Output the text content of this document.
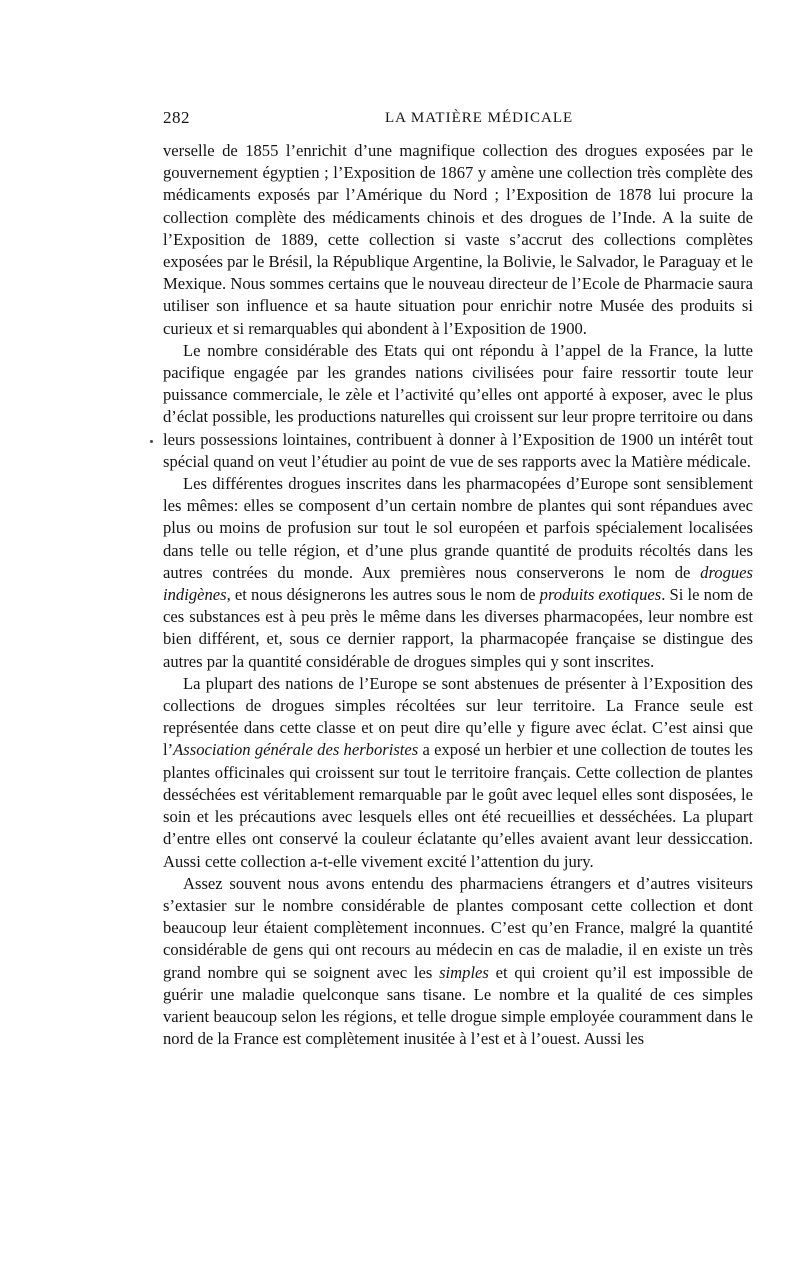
282	LA MATIÈRE MÉDICALE

verselle de 1855 l’enrichit d’une magnifique collection des drogues exposées par le gouvernement égyptien ; l’Exposition de 1867 y amène une collection très complète des médicaments exposés par l’Amérique du Nord ; l’Exposition de 1878 lui procure la collection complète des médicaments chinois et des drogues de l’Inde. A la suite de l’Exposition de 1889, cette collection si vaste s’accrut des collections complètes exposées par le Brésil, la République Argentine, la Bolivie, le Salvador, le Paraguay et le Mexique. Nous sommes certains que le nouveau directeur de l’Ecole de Pharmacie saura utiliser son influence et sa haute situation pour enrichir notre Musée des produits si curieux et si remarquables qui abondent à l’Exposition de 1900.

Le nombre considérable des Etats qui ont répondu à l’appel de la France, la lutte pacifique engagée par les grandes nations civilisées pour faire ressortir toute leur puissance commerciale, le zèle et l’activité qu’elles ont apporté à exposer, avec le plus d’éclat possible, les productions naturelles qui croissent sur leur propre territoire ou dans leurs possessions lointaines, contribuent à donner à l’Exposition de 1900 un intérêt tout spécial quand on veut l’étudier au point de vue de ses rapports avec la Matière médicale.

Les différentes drogues inscrites dans les pharmacopées d’Europe sont sensiblement les mêmes: elles se composent d’un certain nombre de plantes qui sont répandues avec plus ou moins de profusion sur tout le sol européen et parfois spécialement localisées dans telle ou telle région, et d’une plus grande quantité de produits récoltés dans les autres contrées du monde. Aux premières nous conserverons le nom de drogues indigènes, et nous désignerons les autres sous le nom de produits exotiques. Si le nom de ces substances est à peu près le même dans les diverses pharmacopées, leur nombre est bien différent, et, sous ce dernier rapport, la pharmacopée française se distingue des autres par la quantité considérable de drogues simples qui y sont inscrites.

La plupart des nations de l’Europe se sont abstenues de présenter à l’Exposition des collections de drogues simples récoltées sur leur territoire. La France seule est représentée dans cette classe et on peut dire qu’elle y figure avec éclat. C’est ainsi que l’Association générale des herboristes a exposé un herbier et une collection de toutes les plantes officinales qui croissent sur tout le territoire français. Cette collection de plantes desséchées est véritablement remarquable par le goût avec lequel elles sont disposées, le soin et les précautions avec lesquels elles ont été recueillies et desséchées. La plupart d’entre elles ont conservé la couleur éclatante qu’elles avaient avant leur dessiccation. Aussi cette collection a-t-elle vivement excité l’attention du jury.

Assez souvent nous avons entendu des pharmaciens étrangers et d’autres visiteurs s’extasier sur le nombre considérable de plantes composant cette collection et dont beaucoup leur étaient complètement inconnues. C’est qu’en France, malgré la quantité considérable de gens qui ont recours au médecin en cas de maladie, il en existe un très grand nombre qui se soignent avec les simples et qui croient qu’il est impossible de guérir une maladie quelconque sans tisane. Le nombre et la qualité de ces simples varient beaucoup selon les régions, et telle drogue simple employée couramment dans le nord de la France est complètement inusitée à l’est et à l’ouest. Aussi les
